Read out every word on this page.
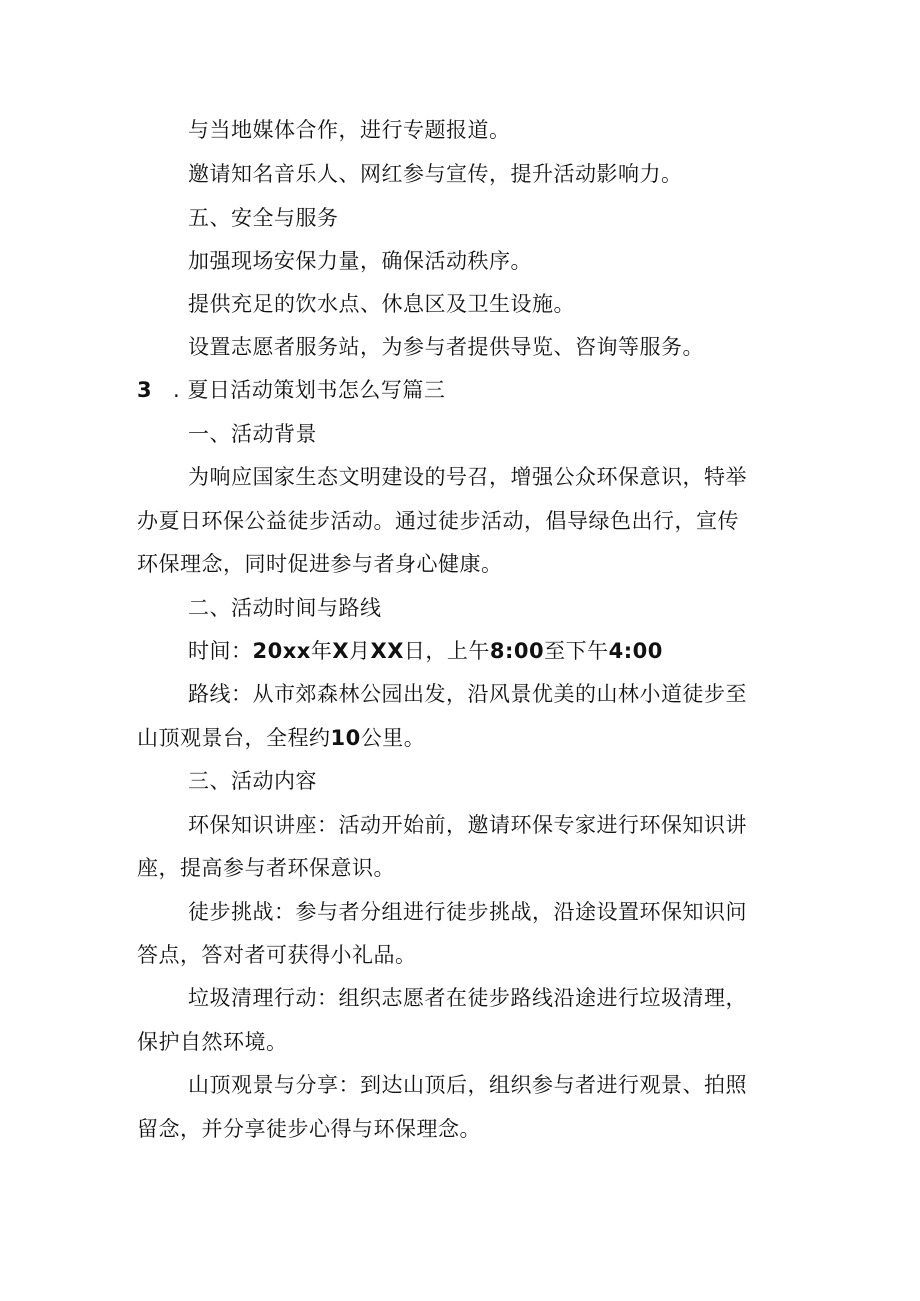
与当地媒体合作，进行专题报道。
邀请知名音乐人、网红参与宣传，提升活动影响力。
五、安全与服务
加强现场安保力量，确保活动秩序。
提供充足的饮水点、休息区及卫生设施。
设置志愿者服务站，为参与者提供导览、咨询等服务。
3 . 夏日活动策划书怎么写篇三
一、活动背景
为响应国家生态文明建设的号召，增强公众环保意识，特举
办夏日环保公益徒步活动。通过徒步活动，倡导绿色出行，宣传
环保理念，同时促进参与者身心健康。
二、活动时间与路线
时间：20xx年X月XX日，上午8:00至下午4:00
路线：从市郊森林公园出发，沿风景优美的山林小道徒步至
山顶观景台，全程约10公里。
三、活动内容
环保知识讲座：活动开始前，邀请环保专家进行环保知识讲
座，提高参与者环保意识。
徒步挑战：参与者分组进行徒步挑战，沿途设置环保知识问
答点，答对者可获得小礼品。
垃圾清理行动：组织志愿者在徒步路线沿途进行垃圾清理，
保护自然环境。
山顶观景与分享：到达山顶后，组织参与者进行观景、拍照
留念，并分享徒步心得与环保理念。
